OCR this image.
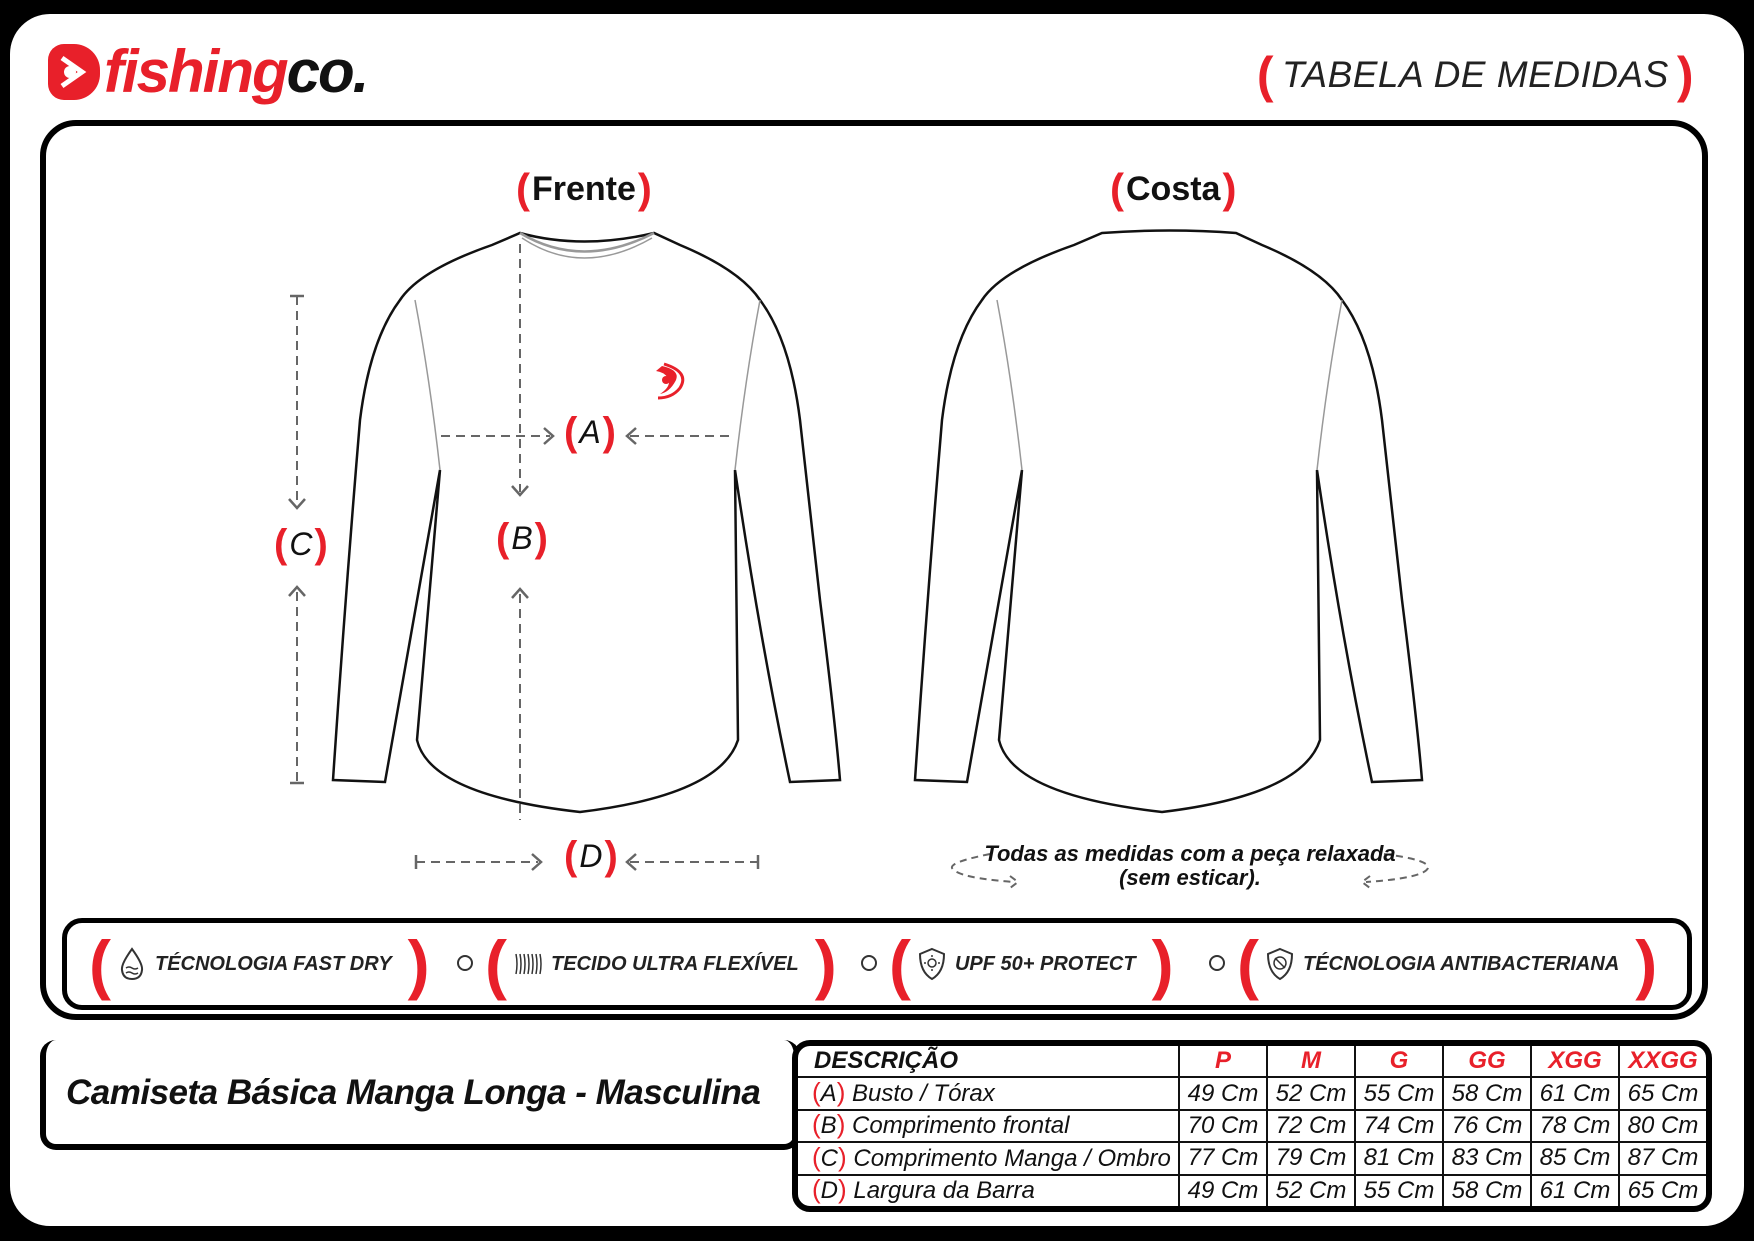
fishingco.	( TABELA DE MEDIDAS )
( Frente )	( Costa )
( A )
( B )
( C )
( D )	Todas as medidas com a peça relaxada
(sem esticar).
( TÉCNOLOGIA FAST DRY ) ( TECIDO ULTRA FLEXÍVEL ) ( UPF 50+ PROTECT ) ( TÉCNOLOGIA ANTIBACTERIANA )
Camiseta Básica Manga Longa - Masculina
DESCRIÇÃO	P	M	G	GG	XGG	XXGG
(A) Busto / Tórax	49 Cm	52 Cm	55 Cm	58 Cm	61 Cm	65 Cm
(B) Comprimento frontal	70 Cm	72 Cm	74 Cm	76 Cm	78 Cm	80 Cm
(C) Comprimento Manga / Ombro	77 Cm	79 Cm	81 Cm	83 Cm	85 Cm	87 Cm
(D) Largura da Barra	49 Cm	52 Cm	55 Cm	58 Cm	61 Cm	65 Cm
